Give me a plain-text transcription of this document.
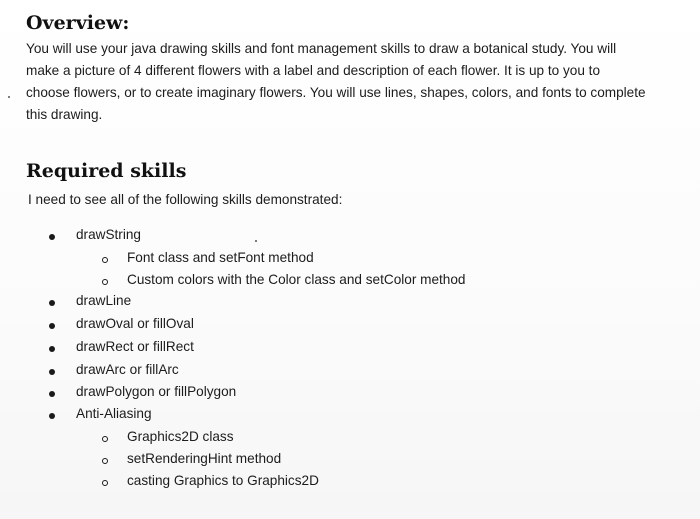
Overview:

You will use your java drawing skills and font management skills to draw a botanical study. You will

make a picture of 4 different flowers with a label and description of each flower. It is up to you to

choose flowers, or to create imaginary flowers. You will use lines, shapes, colors, and fonts to complete

this drawing.

Required skills

I need to see all of the following skills demonstrated:

drawString
Font class and setFont method
Custom colors with the Color class and setColor method
drawLine
drawOval or fillOval
drawRect or fillRect
drawArc or fillArc
drawPolygon or fillPolygon
Anti-Aliasing
Graphics2D class
setRenderingHint method
casting Graphics to Graphics2D
